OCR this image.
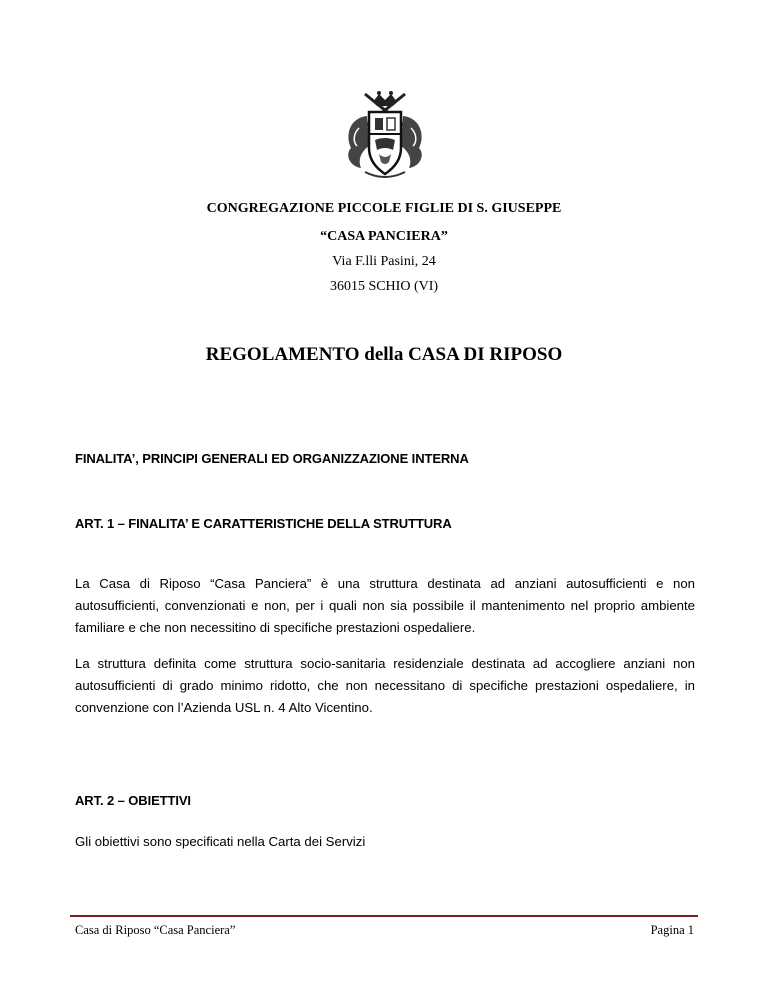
CONGREGAZIONE PICCOLE FIGLIE DI S. GIUSEPPE
“CASA PANCIERA”
Via F.lli Pasini, 24
36015 SCHIO (VI)
REGOLAMENTO della CASA DI RIPOSO
FINALITA’, PRINCIPI GENERALI ED ORGANIZZAZIONE INTERNA
ART. 1 – FINALITA’ E CARATTERISTICHE DELLA STRUTTURA
La Casa di Riposo “Casa Panciera” è una struttura destinata ad anziani autosufficienti e non autosufficienti, convenzionati e non, per i quali non sia possibile il mantenimento nel proprio ambiente familiare e che non necessitino di specifiche prestazioni ospedaliere.
La struttura definita come struttura socio-sanitaria residenziale destinata ad accogliere anziani non autosufficienti di grado minimo ridotto, che non necessitano di specifiche prestazioni ospedaliere, in convenzione con l’Azienda USL n. 4 Alto Vicentino.
ART. 2 – OBIETTIVI
Gli obiettivi sono specificati nella Carta dei Servizi
Casa di Riposo “Casa Panciera”	Pagina 1
